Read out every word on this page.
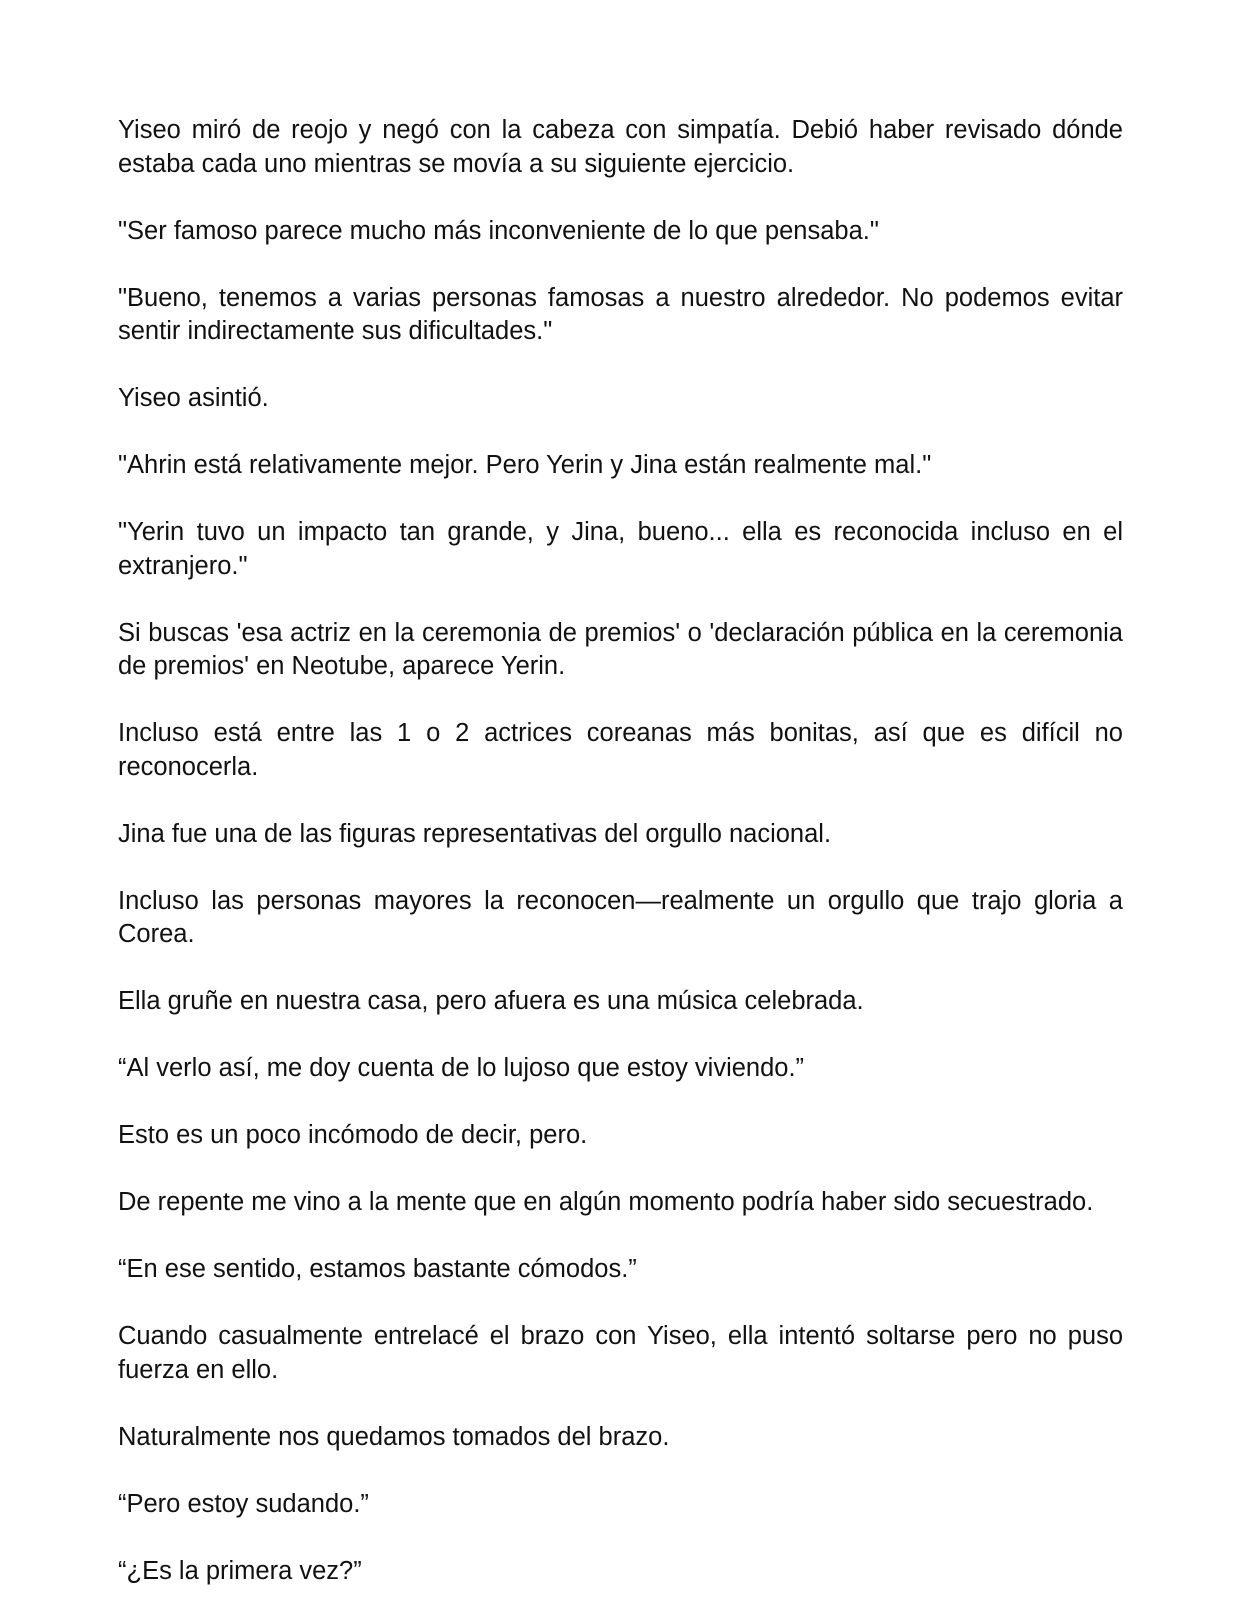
Yiseo miró de reojo y negó con la cabeza con simpatía. Debió haber revisado dónde estaba cada uno mientras se movía a su siguiente ejercicio.

"Ser famoso parece mucho más inconveniente de lo que pensaba."

"Bueno, tenemos a varias personas famosas a nuestro alrededor. No podemos evitar sentir indirectamente sus dificultades."

Yiseo asintió.

"Ahrin está relativamente mejor. Pero Yerin y Jina están realmente mal."

"Yerin tuvo un impacto tan grande, y Jina, bueno... ella es reconocida incluso en el extranjero."

Si buscas 'esa actriz en la ceremonia de premios' o 'declaración pública en la ceremonia de premios' en Neotube, aparece Yerin.

Incluso está entre las 1 o 2 actrices coreanas más bonitas, así que es difícil no reconocerla.

Jina fue una de las figuras representativas del orgullo nacional.

Incluso las personas mayores la reconocen—realmente un orgullo que trajo gloria a Corea.

Ella gruñe en nuestra casa, pero afuera es una música celebrada.

“Al verlo así, me doy cuenta de lo lujoso que estoy viviendo.”

Esto es un poco incómodo de decir, pero.

De repente me vino a la mente que en algún momento podría haber sido secuestrado.

“En ese sentido, estamos bastante cómodos.”

Cuando casualmente entrelacé el brazo con Yiseo, ella intentó soltarse pero no puso fuerza en ello.

Naturalmente nos quedamos tomados del brazo.

“Pero estoy sudando.”

“¿Es la primera vez?”
